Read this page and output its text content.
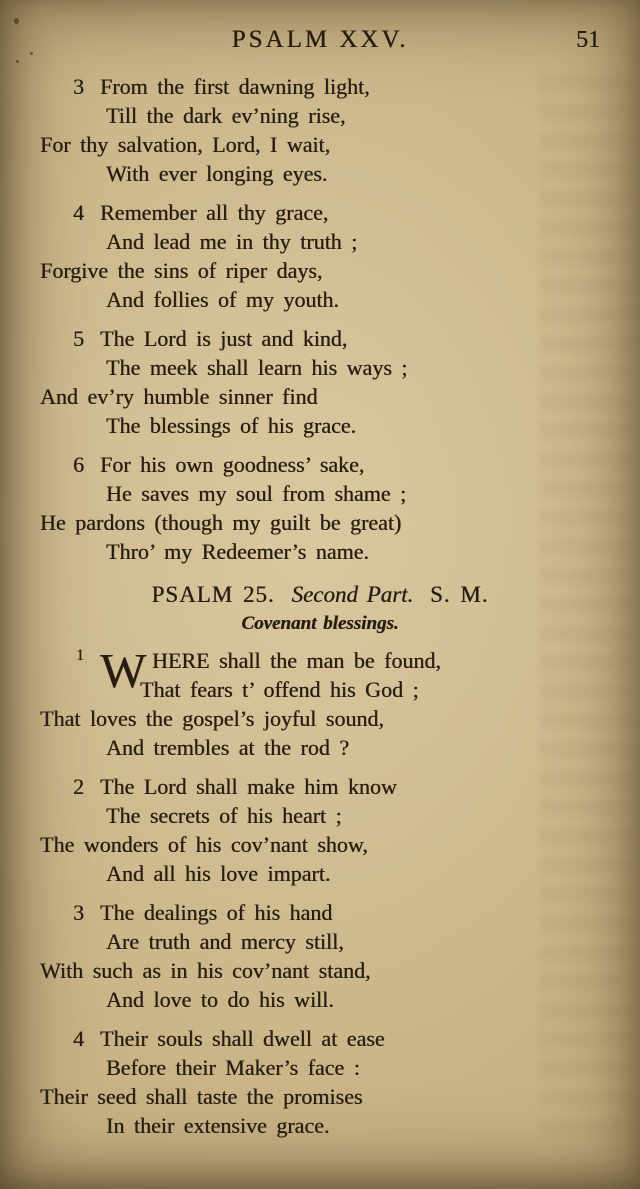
PSALM XXV.	51
3 From the first dawning light,
Till the dark ev’ning rise,
For thy salvation, Lord, I wait,
With ever longing eyes.
4 Remember all thy grace,
And lead me in thy truth ;
Forgive the sins of riper days,
And follies of my youth.
5 The Lord is just and kind,
The meek shall learn his ways ;
And ev’ry humble sinner find
The blessings of his grace.
6 For his own goodness’ sake,
He saves my soul from shame ;
He pardons (though my guilt be great)
Thro’ my Redeemer’s name.
PSALM 25. Second Part. S. M.
Covenant blessings.
1 W HERE shall the man be found,
That fears t’ offend his God ;
That loves the gospel’s joyful sound,
And trembles at the rod ?
2 The Lord shall make him know
The secrets of his heart ;
The wonders of his cov’nant show,
And all his love impart.
3 The dealings of his hand
Are truth and mercy still,
With such as in his cov’nant stand,
And love to do his will.
4 Their souls shall dwell at ease
Before their Maker’s face :
Their seed shall taste the promises
In their extensive grace.
